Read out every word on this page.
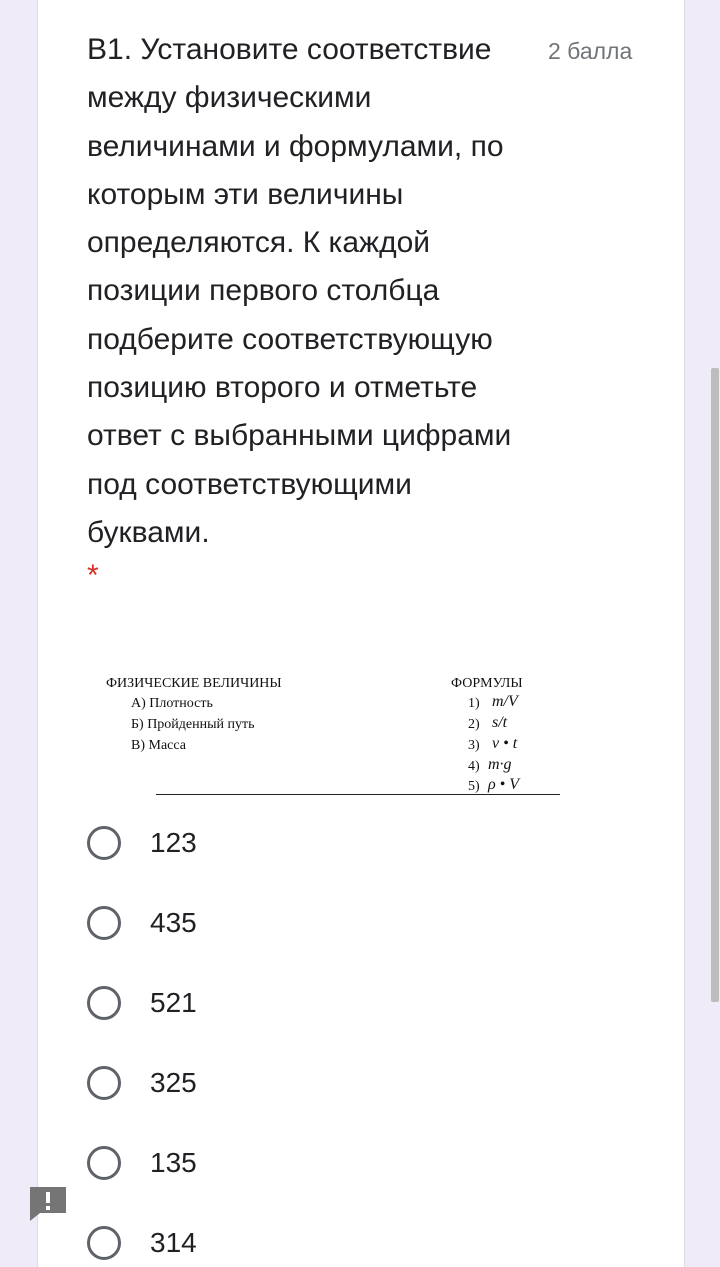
В1. Установите соответствие между физическими величинами и формулами, по которым эти величины определяются. К каждой позиции первого столбца подберите соответствующую позицию второго и отметьте ответ с выбранными цифрами под соответствующими буквами.
2 балла
*
ФИЗИЧЕСКИЕ ВЕЛИЧИНЫ	ФОРМУЛЫ
А) Плотность
Б) Пройденный путь
В) Масса
1) m/V
2) s/t
3) v • t
4) m·g
5) ρ • V
123
435
521
325
135
314
